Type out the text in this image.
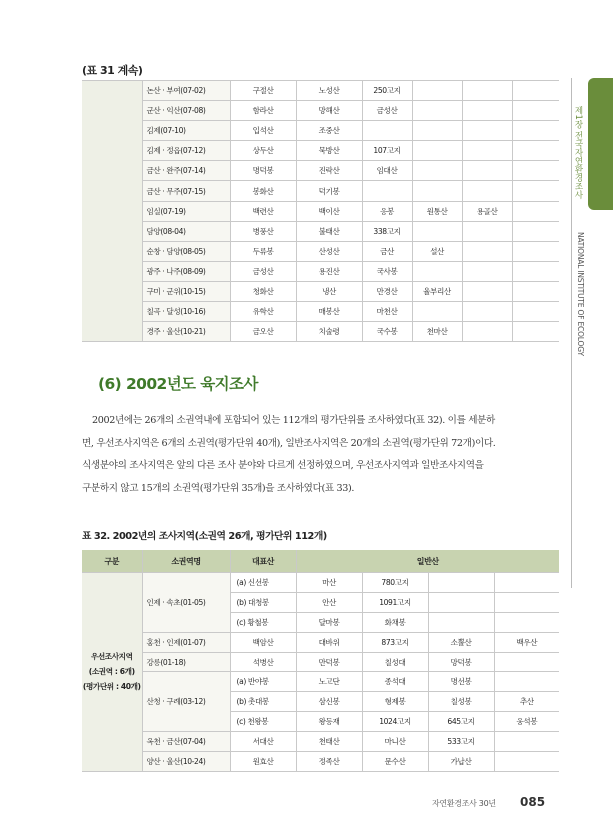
(표 31 계속)
	논산 · 부여(07-02)	구절산	노성산	250고지			
	군산 · 익산(07-08)	함라산	망해산	금성산			
	김제(07-10)	입석산	조중산				
	김제 · 정읍(07-12)	상두산	묵방산	107고지			
	금산 · 완주(07-14)	명덕봉	진락산	임대산			
	금산 · 무주(07-15)	봉화산	덕기봉				
	임실(07-19)	백련산	백이산	응봉	원통산	용골산	
	담양(08-04)	병풍산	불태산	338고지			
	순창 · 담양(08-05)	두류봉	산성산	금산	설산		
	광주 · 나주(08-09)	금성산	용진산	국사봉			
	구미 · 군위(10-15)	청화산	냉산	만경산	율부리산		
	칠곡 · 달성(10-16)	유학산	매봉산	마천산			
	경주 · 울산(10-21)	금오산	치술령	국수봉	천마산		
제1장 전국자연환경조사
NATIONAL INSTITUTE OF ECOLOGY
(6) 2002년도 육지조사

2002년에는 26개의 소권역내에 포함되어 있는 112개의 평가단위를 조사하였다(표 32). 이를 세분하

면, 우선조사지역은 6개의 소권역(평가단위 40개), 일반조사지역은 20개의 소권역(평가단위 72개)이다.

식생분야의 조사지역은 앞의 다른 조사 분야와 다르게 선정하였으며, 우선조사지역과 일반조사지역을

구분하지 않고 15개의 소권역(평가단위 35개)을 조사하였다(표 33).

표 32. 2002년의 조사지역(소권역 26개, 평가단위 112개)
구분	소권역명	대표산	일반산			

우선조사지역
(소권역 : 6개)
(평가단위 : 40개)	인제 · 속초(01-05)	(a) 신선봉	마산	780고지		
		(b) 대청봉	안산	1091고지		
		(c) 황철봉	달마봉	화채봉		
	홍천 · 인제(01-07)	백암산	대바위	873고지	소뿔산	백우산
	강릉(01-18)	석병산	만덕봉	칠성대	망덕봉	
	산청 · 구례(03-12)	(a) 반야봉	노고단	종석대	명선봉	
		(b) 촛대봉	삼신봉	형제봉	칠성봉	추산
		(c) 천왕봉	왕등재	1024고지	645고지	웅석봉
	옥천 · 금산(07-04)	서대산	천태산	마니산	533고지	
	양산 · 울산(10-24)	원효산	정족산	문수산	가납산	
자연환경조사 30년 085
